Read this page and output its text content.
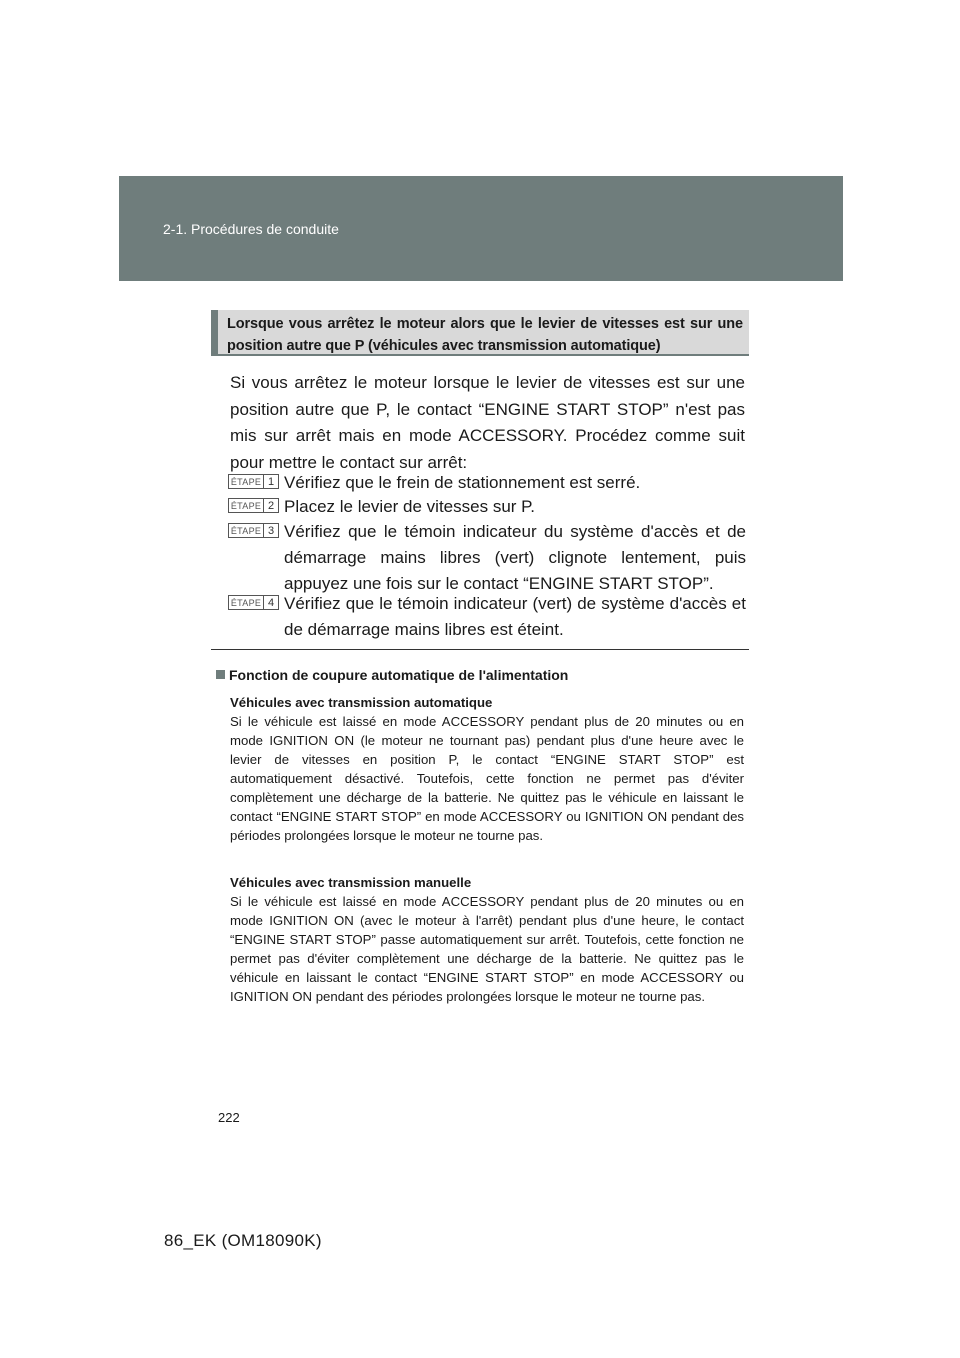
2-1. Procédures de conduite
Lorsque vous arrêtez le moteur alors que le levier de vitesses est sur une position autre que P (véhicules avec transmission automatique)
Si vous arrêtez le moteur lorsque le levier de vitesses est sur une position autre que P, le contact “ENGINE START STOP” n'est pas mis sur arrêt mais en mode ACCESSORY. Procédez comme suit pour mettre le contact sur arrêt:
ÉTAPE 1 Vérifiez que le frein de stationnement est serré.
ÉTAPE 2 Placez le levier de vitesses sur P.
ÉTAPE 3 Vérifiez que le témoin indicateur du système d'accès et de démarrage mains libres (vert) clignote lentement, puis appuyez une fois sur le contact “ENGINE START STOP”.
ÉTAPE 4 Vérifiez que le témoin indicateur (vert) de système d'accès et de démarrage mains libres est éteint.
Fonction de coupure automatique de l'alimentation
Véhicules avec transmission automatique
Si le véhicule est laissé en mode ACCESSORY pendant plus de 20 minutes ou en mode IGNITION ON (le moteur ne tournant pas) pendant plus d'une heure avec le levier de vitesses en position P, le contact “ENGINE START STOP” est automatiquement désactivé. Toutefois, cette fonction ne permet pas d'éviter complètement une décharge de la batterie. Ne quittez pas le véhicule en laissant le contact “ENGINE START STOP” en mode ACCESSORY ou IGNITION ON pendant des périodes prolongées lorsque le moteur ne tourne pas.
Véhicules avec transmission manuelle
Si le véhicule est laissé en mode ACCESSORY pendant plus de 20 minutes ou en mode IGNITION ON (avec le moteur à l'arrêt) pendant plus d'une heure, le contact “ENGINE START STOP” passe automatiquement sur arrêt. Toutefois, cette fonction ne permet pas d'éviter complètement une décharge de la batterie. Ne quittez pas le véhicule en laissant le contact “ENGINE START STOP” en mode ACCESSORY ou IGNITION ON pendant des périodes prolongées lorsque le moteur ne tourne pas.
222
86_EK (OM18090K)
